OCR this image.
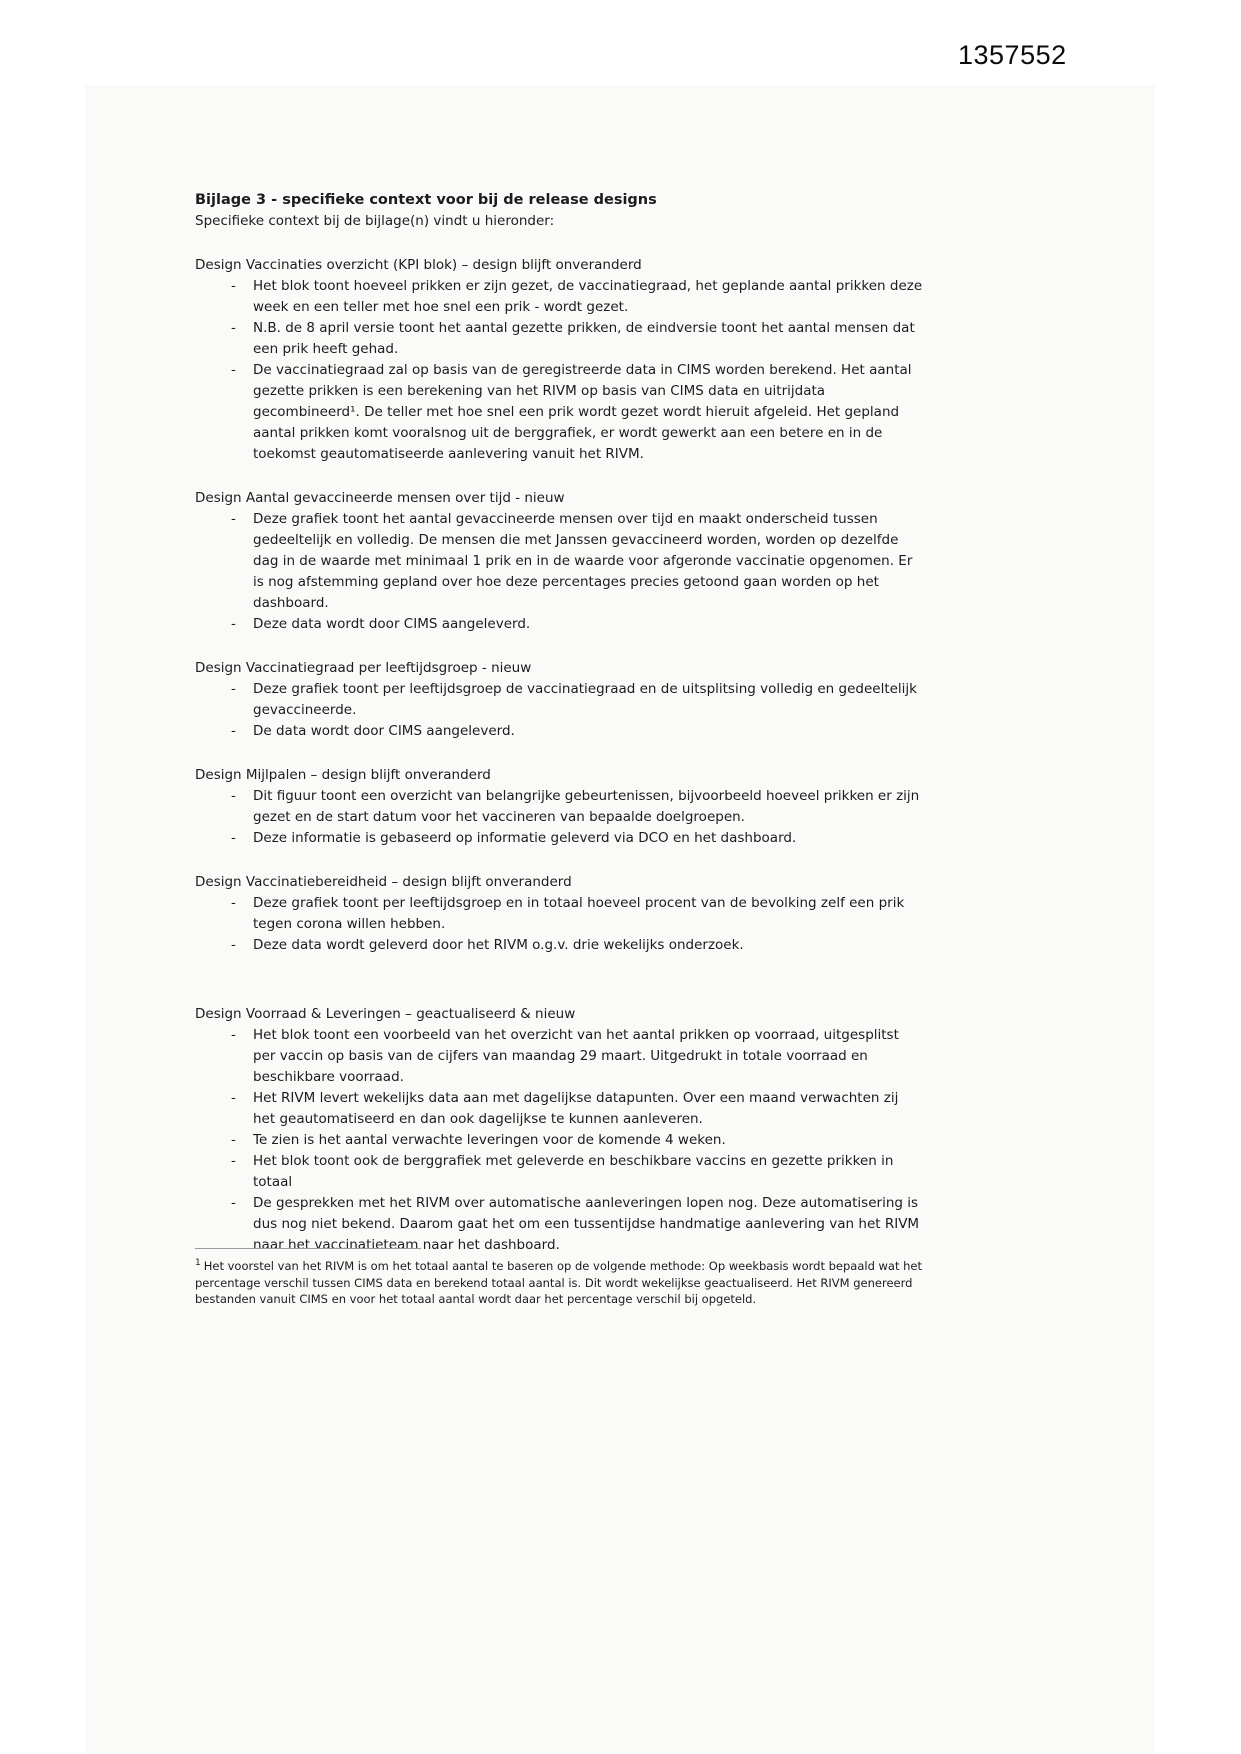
1357552
Bijlage 3 - specifieke context voor bij de release designs
Specifieke context bij de bijlage(n) vindt u hieronder:
Design Vaccinaties overzicht (KPI blok) – design blijft onveranderd
-	Het blok toont hoeveel prikken er zijn gezet, de vaccinatiegraad, het geplande aantal prikken deze week en een teller met hoe snel een prik - wordt gezet.
-	N.B. de 8 april versie toont het aantal gezette prikken, de eindversie toont het aantal mensen dat een prik heeft gehad.
-	De vaccinatiegraad zal op basis van de geregistreerde data in CIMS worden berekend. Het aantal gezette prikken is een berekening van het RIVM op basis van CIMS data en uitrijdata gecombineerd¹. De teller met hoe snel een prik wordt gezet wordt hieruit afgeleid. Het gepland aantal prikken komt vooralsnog uit de berggrafiek, er wordt gewerkt aan een betere en in de toekomst geautomatiseerde aanlevering vanuit het RIVM.
Design Aantal gevaccineerde mensen over tijd - nieuw
-	Deze grafiek toont het aantal gevaccineerde mensen over tijd en maakt onderscheid tussen gedeeltelijk en volledig. De mensen die met Janssen gevaccineerd worden, worden op dezelfde dag in de waarde met minimaal 1 prik en in de waarde voor afgeronde vaccinatie opgenomen. Er is nog afstemming gepland over hoe deze percentages precies getoond gaan worden op het dashboard.
-	Deze data wordt door CIMS aangeleverd.
Design Vaccinatiegraad per leeftijdsgroep - nieuw
-	Deze grafiek toont per leeftijdsgroep de vaccinatiegraad en de uitsplitsing volledig en gedeeltelijk gevaccineerde.
-	De data wordt door CIMS aangeleverd.
Design Mijlpalen – design blijft onveranderd
-	Dit figuur toont een overzicht van belangrijke gebeurtenissen, bijvoorbeeld hoeveel prikken er zijn gezet en de start datum voor het vaccineren van bepaalde doelgroepen.
-	Deze informatie is gebaseerd op informatie geleverd via DCO en het dashboard.
Design Vaccinatiebereidheid – design blijft onveranderd
-	Deze grafiek toont per leeftijdsgroep en in totaal hoeveel procent van de bevolking zelf een prik tegen corona willen hebben.
-	Deze data wordt geleverd door het RIVM o.g.v. drie wekelijks onderzoek.
Design Voorraad & Leveringen – geactualiseerd & nieuw
-	Het blok toont een voorbeeld van het overzicht van het aantal prikken op voorraad, uitgesplitst per vaccin op basis van de cijfers van maandag 29 maart. Uitgedrukt in totale voorraad en beschikbare voorraad.
-	Het RIVM levert wekelijks data aan met dagelijkse datapunten. Over een maand verwachten zij het geautomatiseerd en dan ook dagelijkse te kunnen aanleveren.
-	Te zien is het aantal verwachte leveringen voor de komende 4 weken.
-	Het blok toont ook de berggrafiek met geleverde en beschikbare vaccins en gezette prikken in totaal
-	De gesprekken met het RIVM over automatische aanleveringen lopen nog. Deze automatisering is dus nog niet bekend. Daarom gaat het om een tussentijdse handmatige aanlevering van het RIVM naar het vaccinatieteam naar het dashboard.
$^1$ Het voorstel van het RIVM is om het totaal aantal te baseren op de volgende methode: Op weekbasis wordt bepaald wat het percentage verschil tussen CIMS data en berekend totaal aantal is. Dit wordt wekelijkse geactualiseerd. Het RIVM genereerd bestanden vanuit CIMS en voor het totaal aantal wordt daar het percentage verschil bij opgeteld.
